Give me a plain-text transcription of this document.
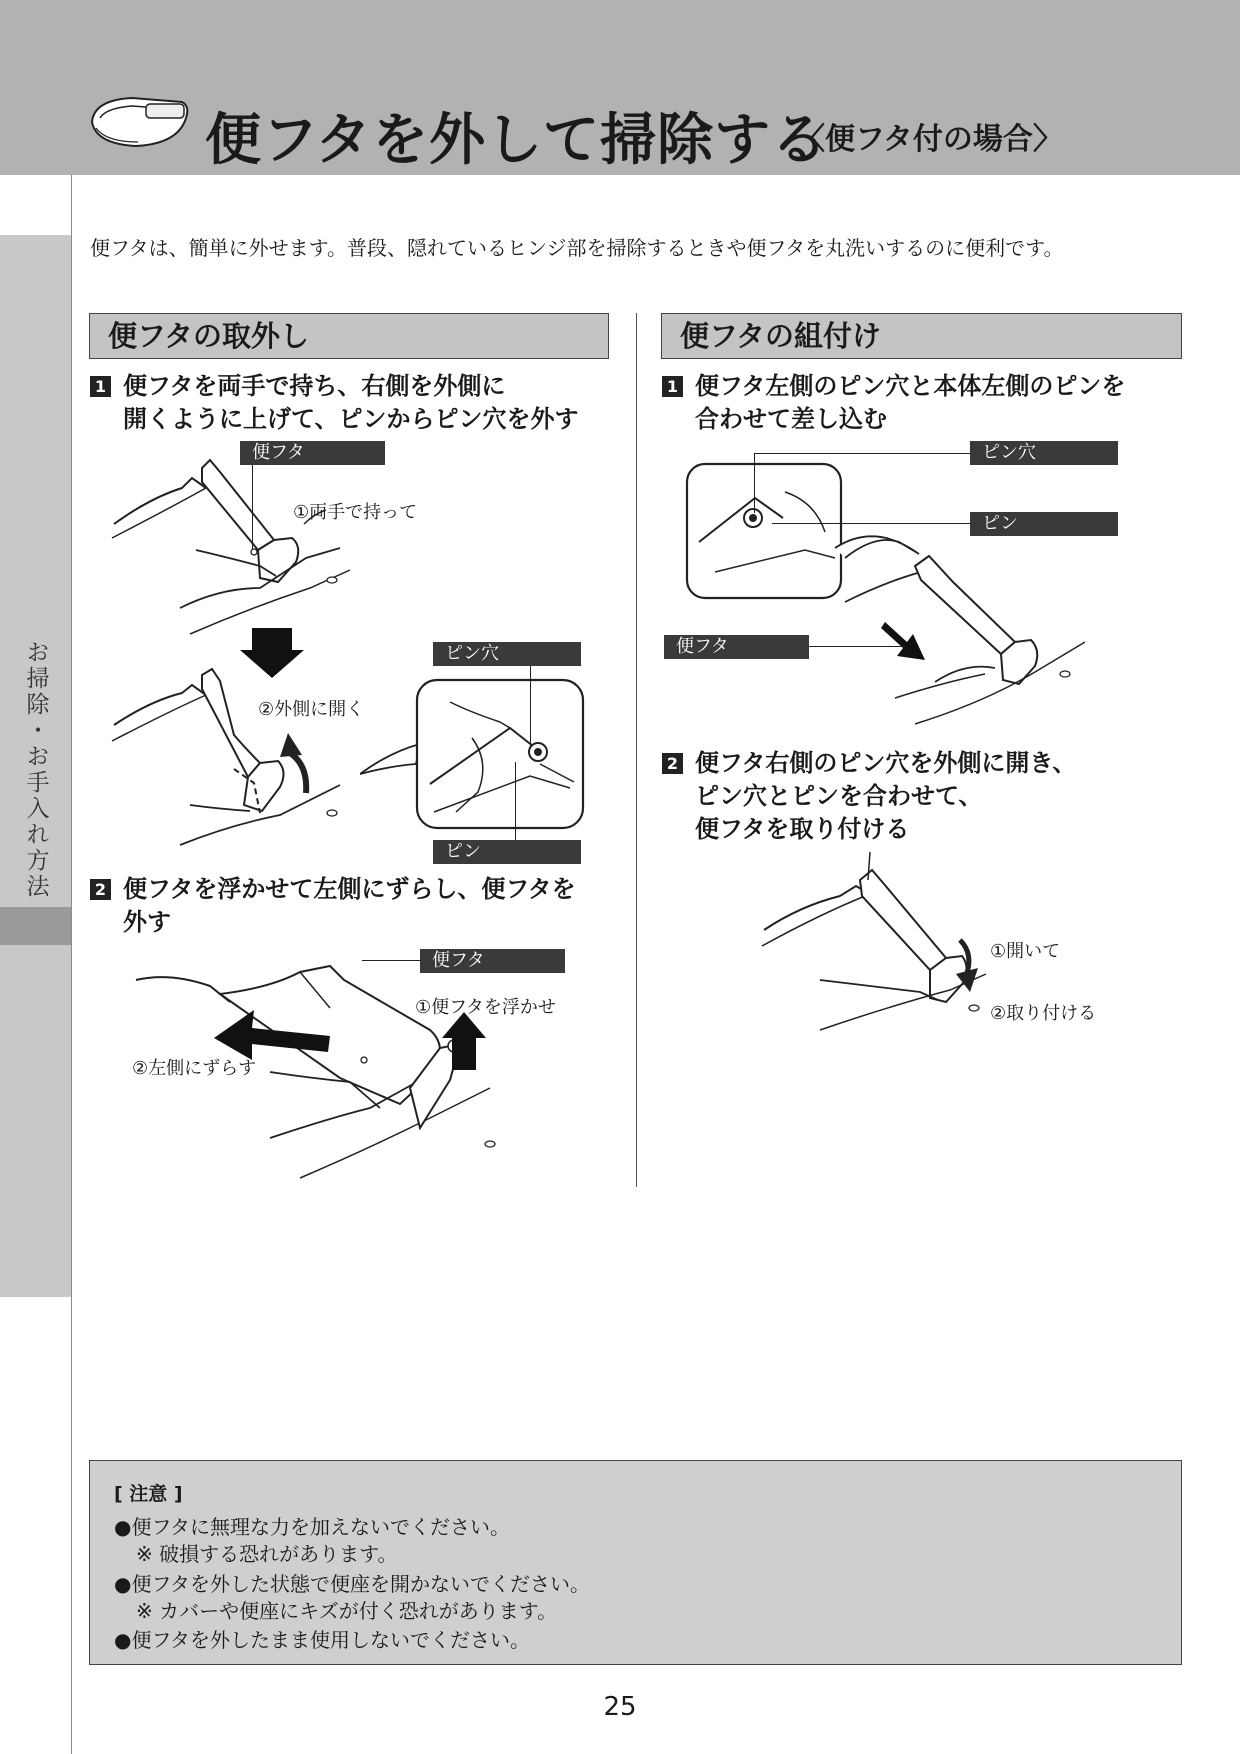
便フタを外して掃除する
〈便フタ付の場合〉
お掃除・お手入れ方法
便フタは、簡単に外せます。普段、隠れているヒンジ部を掃除するときや便フタを丸洗いするのに便利です。
便フタの取外し
1 便フタを両手で持ち、右側を外側に
開くように上げて、ピンからピン穴を外す
便フタ
①両手で持って
②外側に開く
ピン穴
ピン
2 便フタを浮かせて左側にずらし、便フタを
外す
便フタ
①便フタを浮かせ
②左側にずらす
便フタの組付け
1 便フタ左側のピン穴と本体左側のピンを
合わせて差し込む
ピン穴
ピン
便フタ
2 便フタ右側のピン穴を外側に開き、
ピン穴とピンを合わせて、
便フタを取り付ける
①開いて
②取り付ける
[ 注意 ]
●便フタに無理な力を加えないでください。
※ 破損する恐れがあります。
●便フタを外した状態で便座を開かないでください。
※ カバーや便座にキズが付く恐れがあります。
●便フタを外したまま使用しないでください。
25
